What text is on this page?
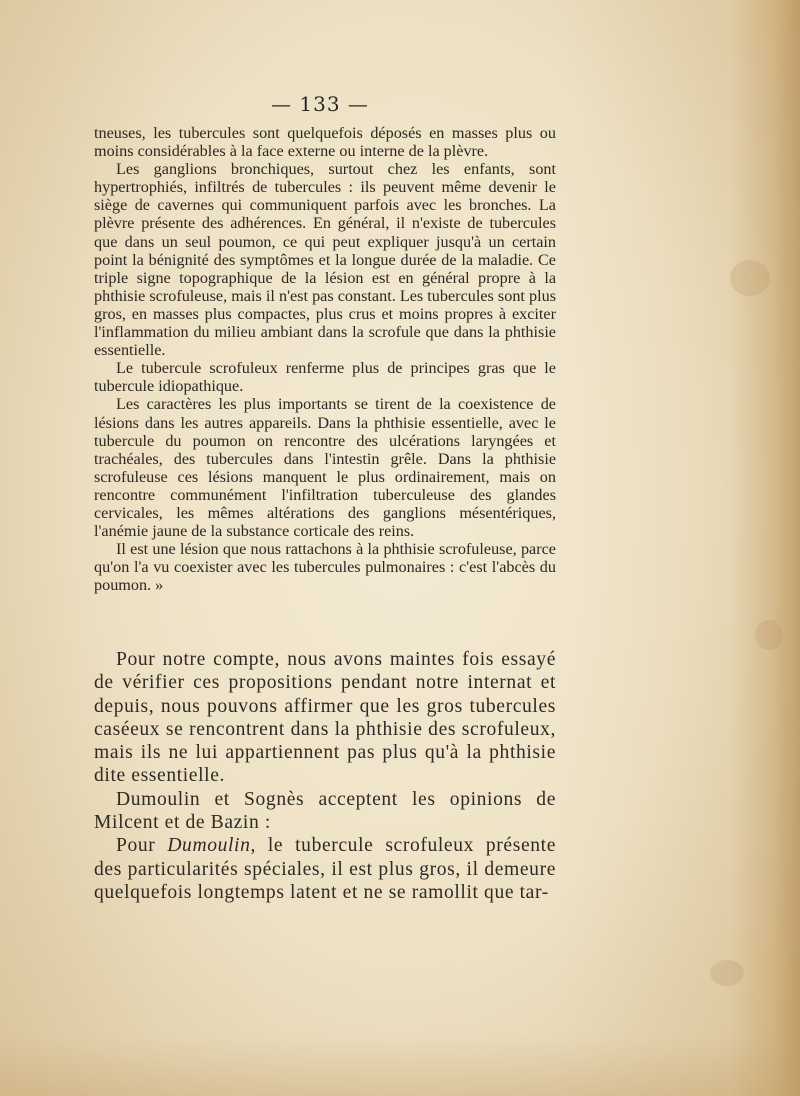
— 133 —

tneuses, les tubercules sont quelquefois déposés en masses plus ou moins considérables à la face externe ou interne de la plèvre.

Les ganglions bronchiques, surtout chez les enfants, sont hypertrophiés, infiltrés de tubercules : ils peuvent même devenir le siège de cavernes qui communiquent parfois avec les bronches. La plèvre présente des adhérences. En général, il n'existe de tubercules que dans un seul poumon, ce qui peut expliquer jusqu'à un certain point la bénignité des symptômes et la longue durée de la maladie. Ce triple signe topographique de la lésion est en général propre à la phthisie scrofuleuse, mais il n'est pas constant. Les tubercules sont plus gros, en masses plus compactes, plus crus et moins propres à exciter l'inflammation du milieu ambiant dans la scrofule que dans la phthisie essentielle.

Le tubercule scrofuleux renferme plus de principes gras que le tubercule idiopathique.

Les caractères les plus importants se tirent de la coexistence de lésions dans les autres appareils. Dans la phthisie essentielle, avec le tubercule du poumon on rencontre des ulcérations laryngées et trachéales, des tubercules dans l'intestin grêle. Dans la phthisie scrofuleuse ces lésions manquent le plus ordinairement, mais on rencontre communément l'infiltration tuberculeuse des glandes cervicales, les mêmes altérations des ganglions mésentériques, l'anémie jaune de la substance corticale des reins.

Il est une lésion que nous rattachons à la phthisie scrofuleuse, parce qu'on l'a vu coexister avec les tubercules pulmonaires : c'est l'abcès du poumon. »

Pour notre compte, nous avons maintes fois essayé de vérifier ces propositions pendant notre internat et depuis, nous pouvons affirmer que les gros tubercules caséeux se rencontrent dans la phthisie des scrofuleux, mais ils ne lui appartiennent pas plus qu'à la phthisie dite essentielle.

Dumoulin et Sognès acceptent les opinions de Milcent et de Bazin :

Pour Dumoulin, le tubercule scrofuleux présente des particularités spéciales, il est plus gros, il demeure quelquefois longtemps latent et ne se ramollit que tar-
